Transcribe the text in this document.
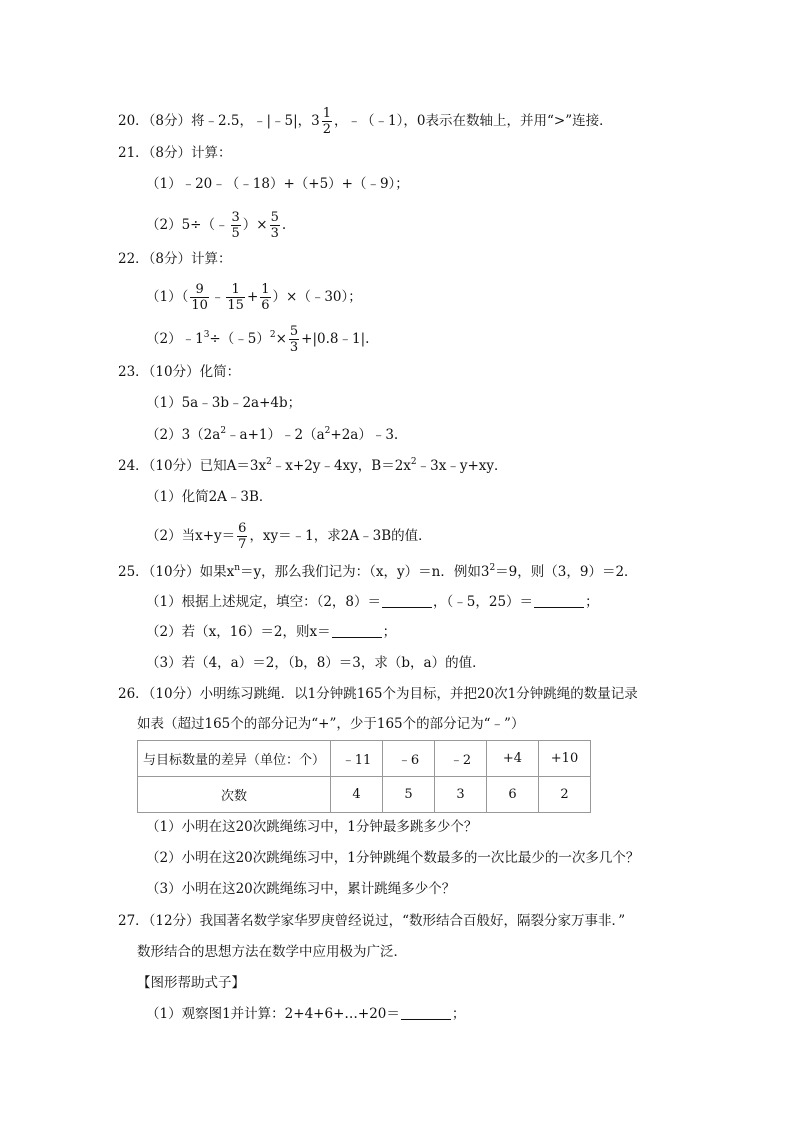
20．（8分）将﹣2.5，﹣|﹣5|，$3 \frac{1}{2}$ ，﹣（﹣1），0表示在数轴上，并用“>”连接．
21．（8分）计算：
（1）﹣20﹣（﹣18）+（+5）+（﹣9）；
（2）5÷（﹣ $\frac{3}{5}$ ）× $\frac{5}{3}$ .
22．（8分）计算：
$(1)( \frac{9}{10}$ ﹣ $\frac{1}{15} + \frac{1}{6}$ ）×（﹣30）；
$(2)﹣1^3\div(﹣5)^2\times \frac{5}{3}$ +|0.8﹣1|.
23．（10分）化简：
（1）5a﹣3b﹣2a+4b；
$(2)3(2a^2﹣a+1)﹣2(a^2+2a)﹣3$.
24．（10分）已知$A=3x^2﹣x+2y﹣4xy$，$B=2x^2﹣3x﹣y+xy$．
（1）化简2A﹣3B．
（2）当$x+y= \frac{6}{7}$ ，xy＝﹣1，求2A﹣3B的值．
25．（10分）如果$x^n=y$，那么我们记为：（x，y）＝n．例如$3^2=9$，则（3，9）＝2．
（1）根据上述规定，填空：（2，8）＝	，（﹣5，25）＝	；
（2）若（x，16）＝2，则x＝	；
（3）若（4，a）＝2，（b，8）＝3，求（b，a）的值．
26．（10分）小明练习跳绳．以1分钟跳165个为目标，并把20次1分钟跳绳的数量记录
如表（超过165个的部分记为“+”，少于165个的部分记为“﹣”）
与目标数量的差异（单位：个）	﹣11	﹣6	﹣2	+4	+10
次数	4	5	3	6	2
（1）小明在这20次跳绳练习中，1分钟最多跳多少个？
（2）小明在这20次跳绳练习中，1分钟跳绳个数最多的一次比最少的一次多几个？
（3）小明在这20次跳绳练习中，累计跳绳多少个？
27．（12分）我国著名数学家华罗庚曾经说过，“数形结合百般好，隔裂分家万事非．”
数形结合的思想方法在数学中应用极为广泛．
【图形帮助式子】
（1）观察图1并计算：2+4+6+…+20＝	；
